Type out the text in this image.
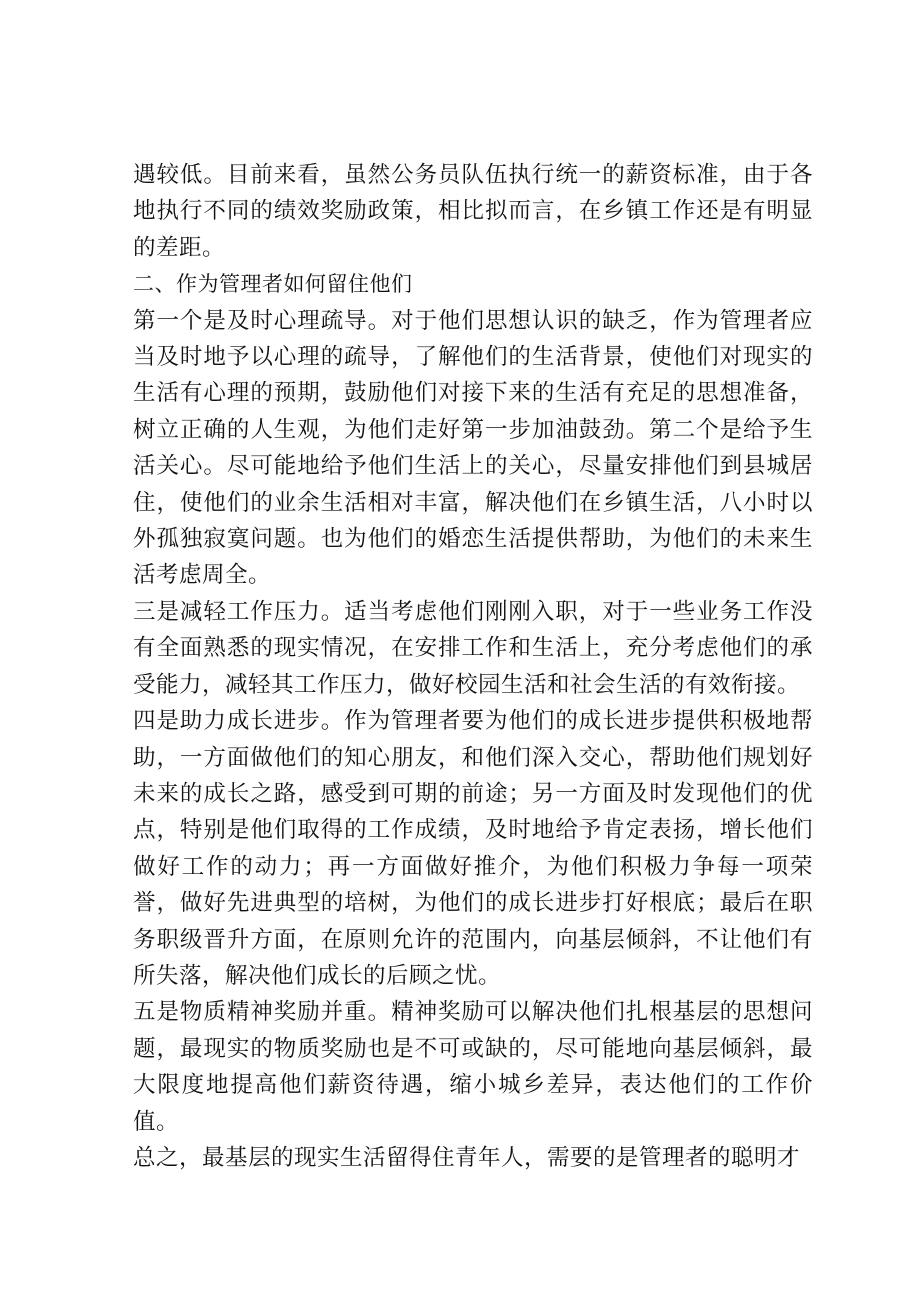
遇较低。目前来看，虽然公务员队伍执行统一的薪资标准，由于各地执行不同的绩效奖励政策，相比拟而言，在乡镇工作还是有明显的差距。

二、作为管理者如何留住他们

第一个是及时心理疏导。对于他们思想认识的缺乏，作为管理者应当及时地予以心理的疏导，了解他们的生活背景，使他们对现实的生活有心理的预期，鼓励他们对接下来的生活有充足的思想准备，树立正确的人生观，为他们走好第一步加油鼓劲。第二个是给予生活关心。尽可能地给予他们生活上的关心，尽量安排他们到县城居住，使他们的业余生活相对丰富，解决他们在乡镇生活，八小时以外孤独寂寞问题。也为他们的婚恋生活提供帮助，为他们的未来生活考虑周全。

三是减轻工作压力。适当考虑他们刚刚入职，对于一些业务工作没有全面熟悉的现实情况，在安排工作和生活上，充分考虑他们的承受能力，减轻其工作压力，做好校园生活和社会生活的有效衔接。

四是助力成长进步。作为管理者要为他们的成长进步提供积极地帮助，一方面做他们的知心朋友，和他们深入交心，帮助他们规划好未来的成长之路，感受到可期的前途；另一方面及时发现他们的优点，特别是他们取得的工作成绩，及时地给予肯定表扬，增长他们做好工作的动力；再一方面做好推介，为他们积极力争每一项荣誉，做好先进典型的培树，为他们的成长进步打好根底；最后在职务职级晋升方面，在原则允许的范围内，向基层倾斜，不让他们有所失落，解决他们成长的后顾之忧。

五是物质精神奖励并重。精神奖励可以解决他们扎根基层的思想问题，最现实的物质奖励也是不可或缺的，尽可能地向基层倾斜，最大限度地提高他们薪资待遇，缩小城乡差异，表达他们的工作价值。

总之，最基层的现实生活留得住青年人，需要的是管理者的聪明才
